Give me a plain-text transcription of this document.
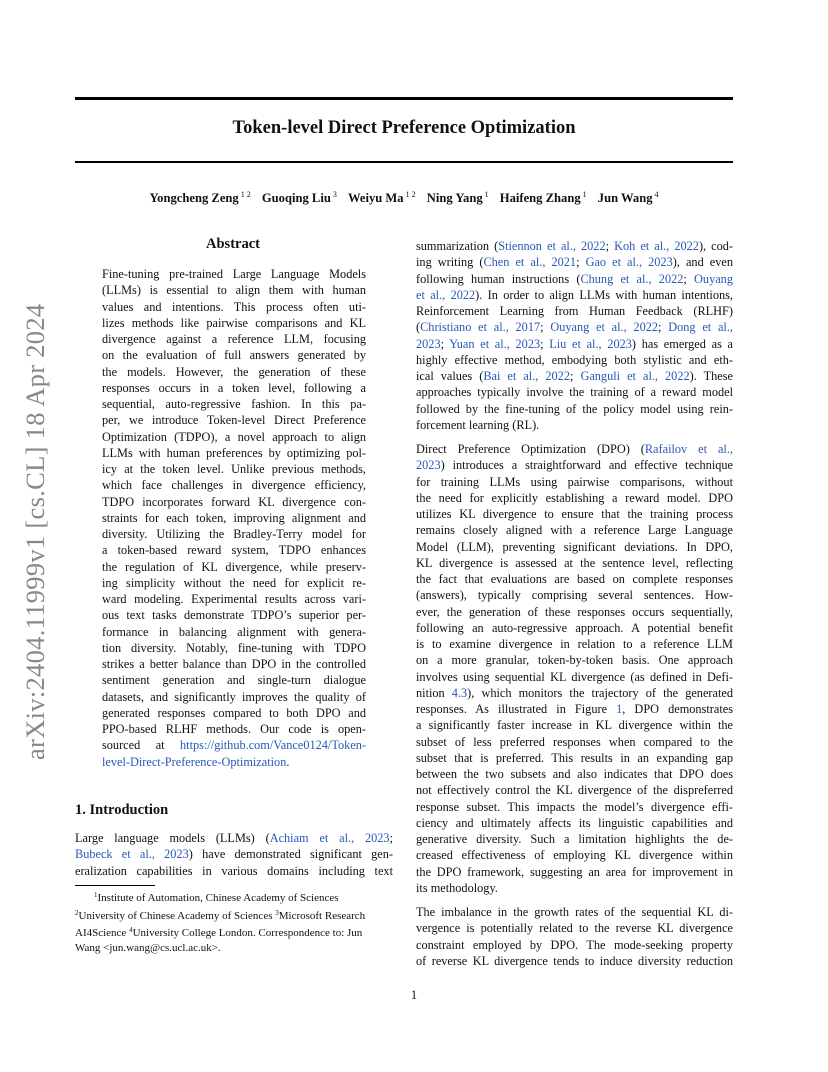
Token-level Direct Preference Optimization
Yongcheng Zeng $^{1 2}$ Guoqing Liu $^3$ Weiyu Ma $^{1 2}$ Ning Yang $^1$ Haifeng Zhang $^1$ Jun Wang $^4$
arXiv:2404.11999v1 [cs.CL] 18 Apr 2024
Abstract
Fine-tuning pre-trained Large Language Models
(LLMs) is essential to align them with human
values and intentions. This process often uti-
lizes methods like pairwise comparisons and KL
divergence against a reference LLM, focusing
on the evaluation of full answers generated by
the models. However, the generation of these
responses occurs in a token level, following a
sequential, auto-regressive fashion. In this pa-
per, we introduce Token-level Direct Preference
Optimization (TDPO), a novel approach to align
LLMs with human preferences by optimizing pol-
icy at the token level. Unlike previous methods,
which face challenges in divergence efficiency,
TDPO incorporates forward KL divergence con-
straints for each token, improving alignment and
diversity. Utilizing the Bradley-Terry model for
a token-based reward system, TDPO enhances
the regulation of KL divergence, while preserv-
ing simplicity without the need for explicit re-
ward modeling. Experimental results across vari-
ous text tasks demonstrate TDPO’s superior per-
formance in balancing alignment with genera-
tion diversity. Notably, fine-tuning with TDPO
strikes a better balance than DPO in the controlled
sentiment generation and single-turn dialogue
datasets, and significantly improves the quality of
generated responses compared to both DPO and
PPO-based RLHF methods. Our code is open-
sourced at https://github.com/Vance0124/Token-
level-Direct-Preference-Optimization.
1. Introduction
Large language models (LLMs) (Achiam et al., 2023;
Bubeck et al., 2023) have demonstrated significant gen-
eralization capabilities in various domains including text
$^1$Institute of Automation, Chinese Academy of Sciences
$^2$University of Chinese Academy of Sciences $^3$Microsoft Research
AI4Science $^4$University College London. Correspondence to: Jun
Wang <jun.wang@cs.ucl.ac.uk>.
summarization (Stiennon et al., 2022; Koh et al., 2022), cod-
ing writing (Chen et al., 2021; Gao et al., 2023), and even
following human instructions (Chung et al., 2022; Ouyang
et al., 2022). In order to align LLMs with human intentions,
Reinforcement Learning from Human Feedback (RLHF)
(Christiano et al., 2017; Ouyang et al., 2022; Dong et al.,
2023; Yuan et al., 2023; Liu et al., 2023) has emerged as a
highly effective method, embodying both stylistic and eth-
ical values (Bai et al., 2022; Ganguli et al., 2022). These
approaches typically involve the training of a reward model
followed by the fine-tuning of the policy model using rein-
forcement learning (RL).
Direct Preference Optimization (DPO) (Rafailov et al.,
2023) introduces a straightforward and effective technique
for training LLMs using pairwise comparisons, without
the need for explicitly establishing a reward model. DPO
utilizes KL divergence to ensure that the training process
remains closely aligned with a reference Large Language
Model (LLM), preventing significant deviations. In DPO,
KL divergence is assessed at the sentence level, reflecting
the fact that evaluations are based on complete responses
(answers), typically comprising several sentences. How-
ever, the generation of these responses occurs sequentially,
following an auto-regressive approach. A potential benefit
is to examine divergence in relation to a reference LLM
on a more granular, token-by-token basis. One approach
involves using sequential KL divergence (as defined in Defi-
nition 4.3), which monitors the trajectory of the generated
responses. As illustrated in Figure 1, DPO demonstrates
a significantly faster increase in KL divergence within the
subset of less preferred responses when compared to the
subset that is preferred. This results in an expanding gap
between the two subsets and also indicates that DPO does
not effectively control the KL divergence of the dispreferred
response subset. This impacts the model’s divergence effi-
ciency and ultimately affects its linguistic capabilities and
generative diversity. Such a limitation highlights the de-
creased effectiveness of employing KL divergence within
the DPO framework, suggesting an area for improvement in
its methodology.
The imbalance in the growth rates of the sequential KL di-
vergence is potentially related to the reverse KL divergence
constraint employed by DPO. The mode-seeking property
of reverse KL divergence tends to induce diversity reduction
1
